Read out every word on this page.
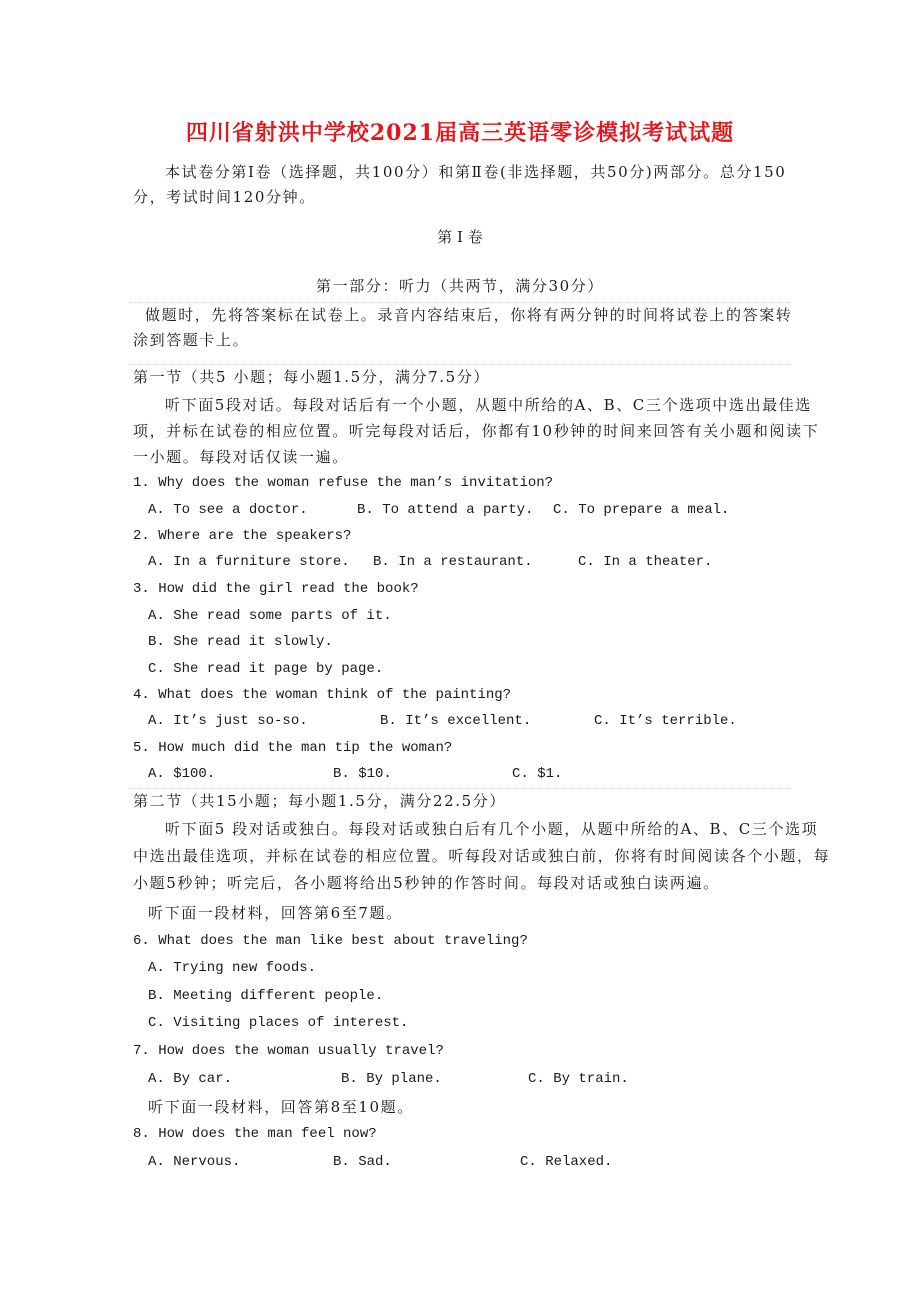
四川省射洪中学校2021届高三英语零诊模拟考试试题
本试卷分第Ⅰ卷（选择题，共100分）和第Ⅱ卷(非选择题，共50分)两部分。总分150
分，考试时间120分钟。
第 Ⅰ 卷
第一部分：听力（共两节，满分30分）
做题时，先将答案标在试卷上。录音内容结束后，你将有两分钟的时间将试卷上的答案转
涂到答题卡上。
第一节（共5 小题；每小题1.5分，满分7.5分）
听下面5段对话。每段对话后有一个小题，从题中所给的A、B、C三个选项中选出最佳选
项，并标在试卷的相应位置。听完每段对话后，你都有10秒钟的时间来回答有关小题和阅读下
一小题。每段对话仅读一遍。
1. Why does the woman refuse the man’s invitation?
A. To see a doctor.	B. To attend a party. C. To prepare a meal.
2. Where are the speakers?
A. In a furniture store. B. In a restaurant.	C. In a theater.
3. How did the girl read the book?
A. She read some parts of it.
B. She read it slowly.
C. She read it page by page.
4. What does the woman think of the painting?
A. It’s just so-so.	B. It’s excellent.	C. It’s terrible.
5. How much did the man tip the woman?
A. $100.	B. $10.	C. $1.
第二节（共15小题；每小题1.5分，满分22.5分）
听下面5 段对话或独白。每段对话或独白后有几个小题，从题中所给的A、B、C三个选项
中选出最佳选项，并标在试卷的相应位置。听每段对话或独白前，你将有时间阅读各个小题，每
小题5秒钟；听完后，各小题将给出5秒钟的作答时间。每段对话或独白读两遍。
听下面一段材料，回答第6至7题。
6. What does the man like best about traveling?
A. Trying new foods.
B. Meeting different people.
C. Visiting places of interest.
7. How does the woman usually travel?
A. By car.	B. By plane.	C. By train.
听下面一段材料，回答第8至10题。
8. How does the man feel now?
A. Nervous.	B. Sad.	C. Relaxed.
